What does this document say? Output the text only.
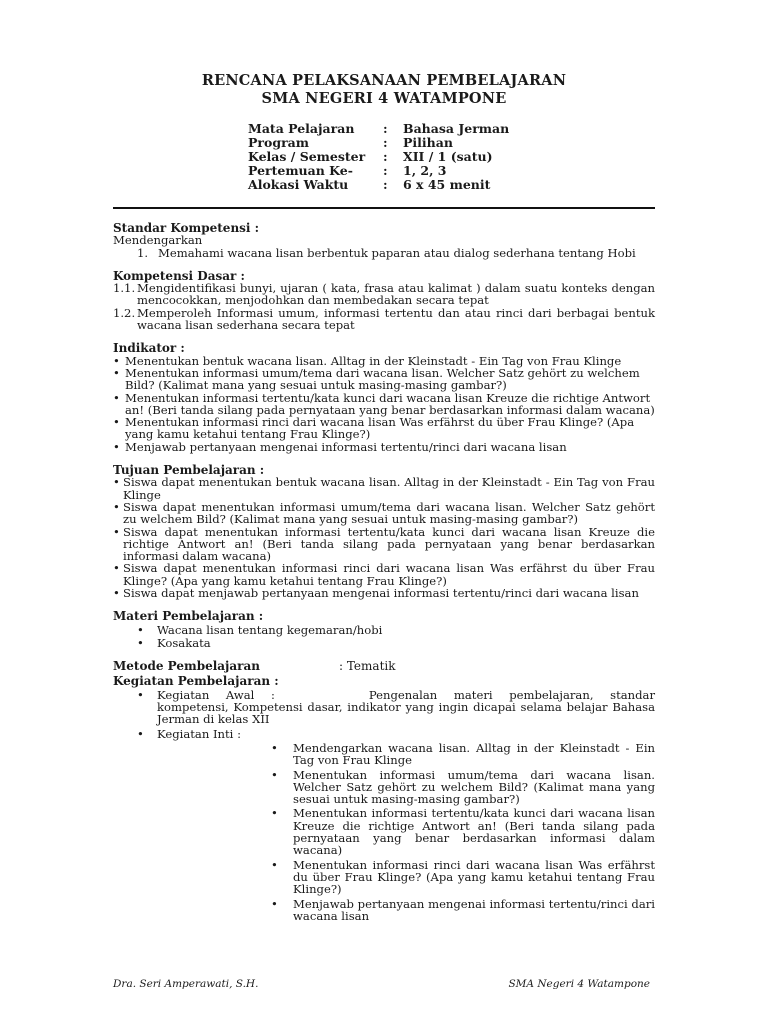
RENCANA PELAKSANAAN PEMBELAJARAN
SMA NEGERI 4 WATAMPONE
Mata Pelajaran : Bahasa Jerman
Program	: Pilihan
Kelas / Semester : XII / 1 (satu)
Pertemuan Ke- : 1, 2, 3
Alokasi Waktu	: 6 x 45 menit
Standar Kompetensi :
Mendengarkan
1. Memahami wacana lisan berbentuk paparan atau dialog sederhana tentang Hobi
Kompetensi Dasar :
1.1. Mengidentifikasi bunyi, ujaran ( kata, frasa atau kalimat ) dalam suatu konteks dengan mencocokkan, menjodohkan dan membedakan secara tepat
1.2. Memperoleh Informasi umum, informasi tertentu dan atau rinci dari berbagai bentuk wacana lisan sederhana secara tepat
Indikator :
• Menentukan bentuk wacana lisan. Alltag in der Kleinstadt - Ein Tag von Frau Klinge
• Menentukan informasi umum/tema dari wacana lisan. Welcher Satz gehört zu welchem Bild? (Kalimat mana yang sesuai untuk masing-masing gambar?)
• Menentukan informasi tertentu/kata kunci dari wacana lisan Kreuze die richtige Antwort an! (Beri tanda silang pada pernyataan yang benar berdasarkan informasi dalam wacana)
• Menentukan informasi rinci dari wacana lisan Was erfährst du über Frau Klinge? (Apa yang kamu ketahui tentang Frau Klinge?)
• Menjawab pertanyaan mengenai informasi tertentu/rinci dari wacana lisan
Tujuan Pembelajaran :
• Siswa dapat menentukan bentuk wacana lisan. Alltag in der Kleinstadt - Ein Tag von Frau Klinge
• Siswa dapat menentukan informasi umum/tema dari wacana lisan. Welcher Satz gehört zu welchem Bild? (Kalimat mana yang sesuai untuk masing-masing gambar?)
• Siswa dapat menentukan informasi tertentu/kata kunci dari wacana lisan Kreuze die richtige Antwort an! (Beri tanda silang pada pernyataan yang benar berdasarkan informasi dalam wacana)
• Siswa dapat menentukan informasi rinci dari wacana lisan Was erfährst du über Frau Klinge? (Apa yang kamu ketahui tentang Frau Klinge?)
• Siswa dapat menjawab pertanyaan mengenai informasi tertentu/rinci dari wacana lisan
Materi Pembelajaran :
• Wacana lisan tentang kegemaran/hobi
• Kosakata
Metode Pembelajaran	: Tematik
Kegiatan Pembelajaran :
• Kegiatan Awal :	Pengenalan materi pembelajaran, standar kompetensi, Kompetensi dasar, indikator yang ingin dicapai selama belajar Bahasa Jerman di kelas XII
• Kegiatan Inti :
• Mendengarkan wacana lisan. Alltag in der Kleinstadt - Ein Tag von Frau Klinge
• Menentukan informasi umum/tema dari wacana lisan. Welcher Satz gehört zu welchem Bild? (Kalimat mana yang sesuai untuk masing-masing gambar?)
• Menentukan informasi tertentu/kata kunci dari wacana lisan Kreuze die richtige Antwort an! (Beri tanda silang pada pernyataan yang benar berdasarkan informasi dalam wacana)
• Menentukan informasi rinci dari wacana lisan Was erfährst du über Frau Klinge? (Apa yang kamu ketahui tentang Frau Klinge?)
• Menjawab pertanyaan mengenai informasi tertentu/rinci dari wacana lisan
Dra. Seri Amperawati, S.H.	SMA Negeri 4 Watampone
